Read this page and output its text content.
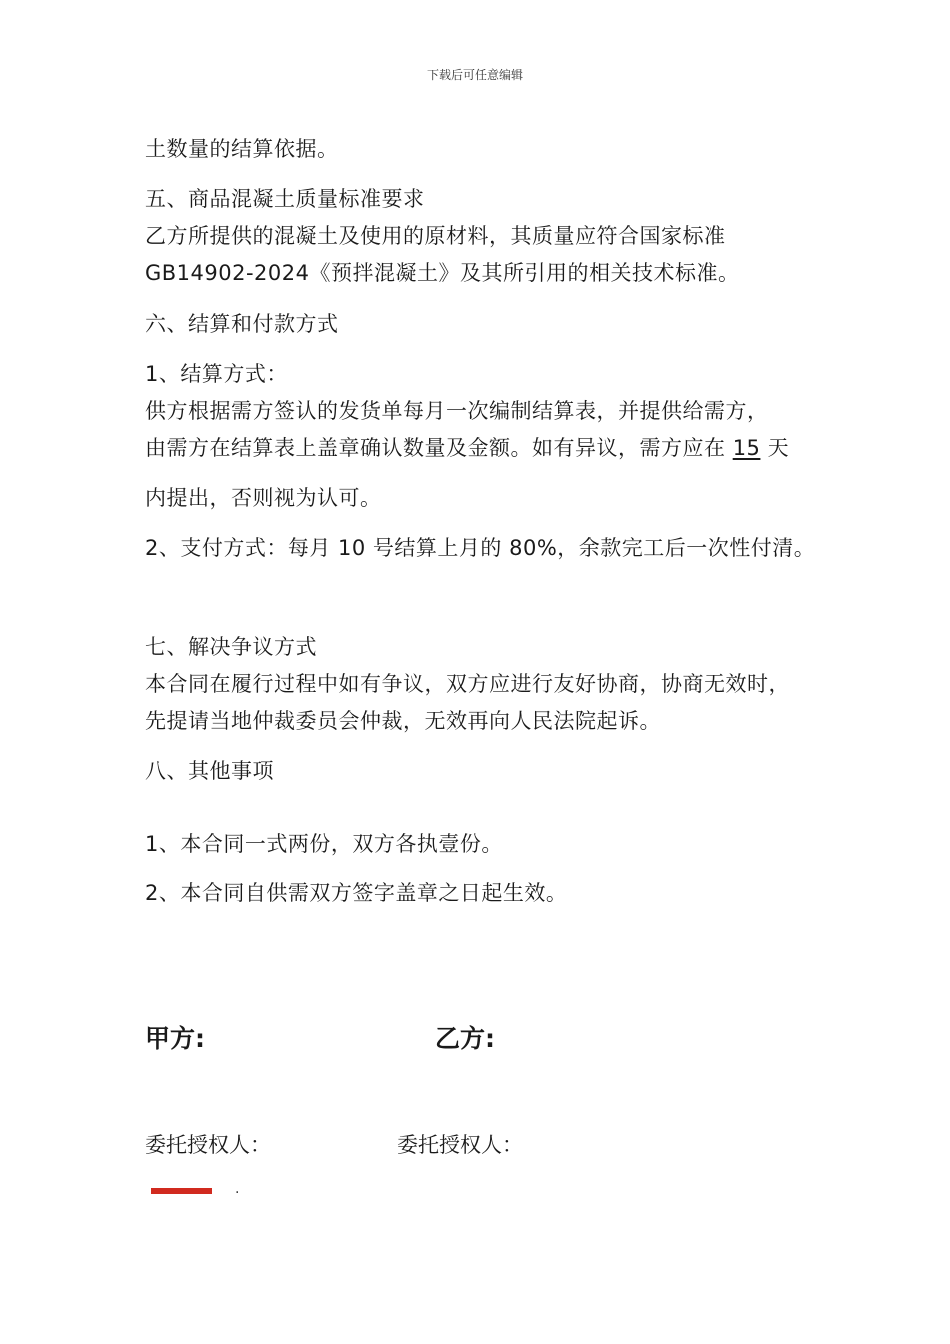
下载后可任意编辑
土数量的结算依据。
五、商品混凝土质量标准要求
乙方所提供的混凝土及使用的原材料，其质量应符合国家标准
GB14902-2024《预拌混凝土》及其所引用的相关技术标准。
六、结算和付款方式
1、结算方式：
供方根据需方签认的发货单每月一次编制结算表，并提供给需方，
由需方在结算表上盖章确认数量及金额。如有异议，需方应在 15 天
内提出，否则视为认可。
2、支付方式：每月 10 号结算上月的 80%，余款完工后一次性付清。
七、解决争议方式
本合同在履行过程中如有争议，双方应进行友好协商，协商无效时，
先提请当地仲裁委员会仲裁，无效再向人民法院起诉。
八、其他事项
1、本合同一式两份，双方各执壹份。
2、本合同自供需双方签字盖章之日起生效。
甲方:	乙方:
委托授权人：	委托授权人：
.
